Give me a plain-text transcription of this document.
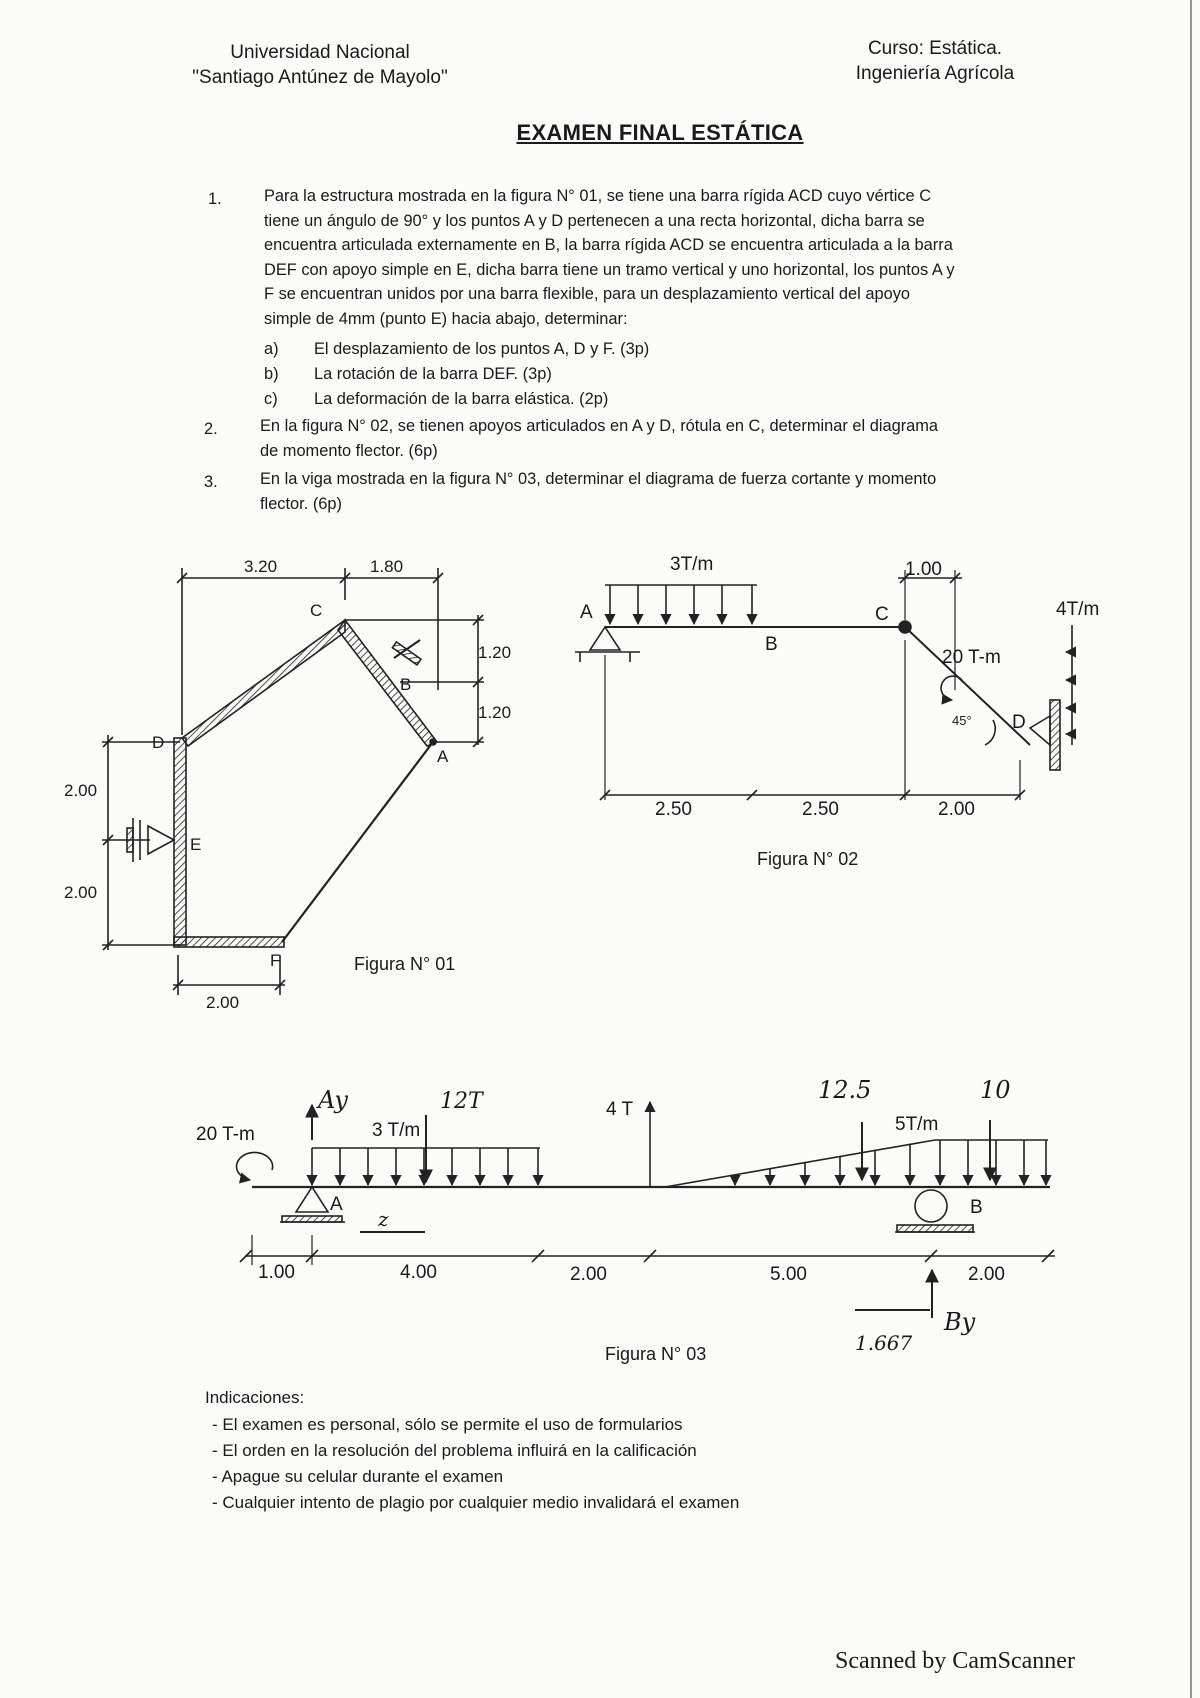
Universidad Nacional
"Santiago Antúnez de Mayolo"
Curso: Estática.
Ingeniería Agrícola
EXAMEN FINAL ESTÁTICA
1.	Para la estructura mostrada en la figura N° 01, se tiene una barra rígida ACD cuyo vértice C
tiene un ángulo de 90° y los puntos A y D pertenecen a una recta horizontal, dicha barra se
encuentra articulada externamente en B, la barra rígida ACD se encuentra articulada a la barra
DEF con apoyo simple en E, dicha barra tiene un tramo vertical y uno horizontal, los puntos A y
F se encuentran unidos por una barra flexible, para un desplazamiento vertical del apoyo
simple de 4mm (punto E) hacia abajo, determinar:
a) El desplazamiento de los puntos A, D y F. (3p)
b) La rotación de la barra DEF. (3p)
c) La deformación de la barra elástica. (2p)
2.	En la figura N° 02, se tienen apoyos articulados en A y D, rótula en C, determinar el diagrama
de momento flector. (6p)
3.	En la viga mostrada en la figura N° 03, determinar el diagrama de fuerza cortante y momento
flector. (6p)
3.20	1.80
1.20
1.20
2.00
2.00
2.00
C
B
D
A
E
F	Figura N° 01
3T/m
A
B
C
D
4T/m
20 T-m
45°
1.00
2.50	2.50	2.00
Figura N° 02
20 T-m	3 T/m
4 T
5T/m
A	B
1.00	4.00	2.00	5.00	2.00
Ay	12T	12.5	10
z
By
1.667
Figura N° 03
Indicaciones:
- El examen es personal, sólo se permite el uso de formularios
- El orden en la resolución del problema influirá en la calificación
- Apague su celular durante el examen
- Cualquier intento de plagio por cualquier medio invalidará el examen
Scanned by CamScanner
